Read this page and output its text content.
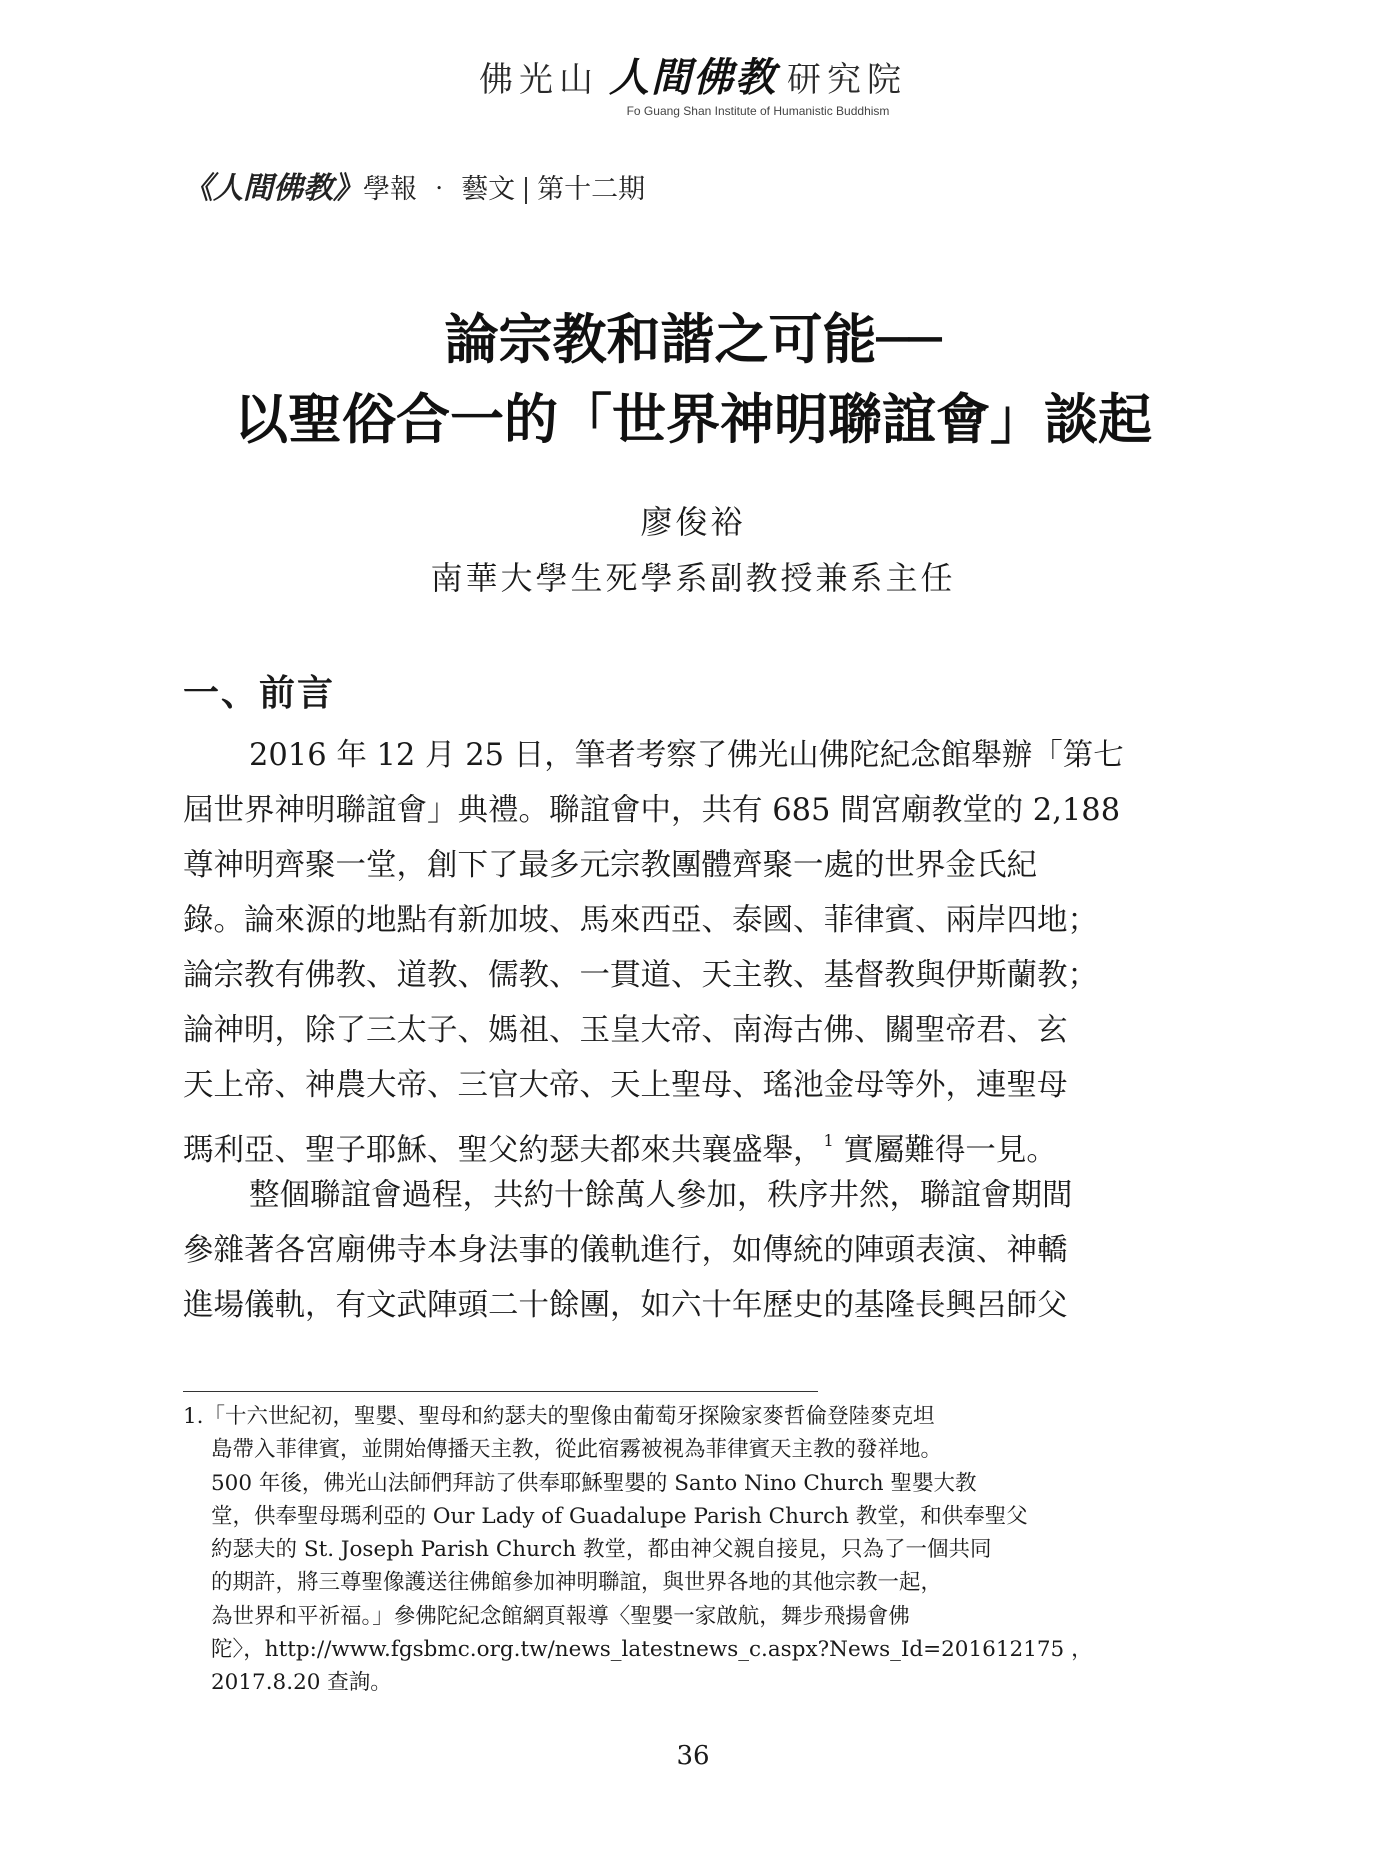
佛光山 人間佛教 研究院
Fo Guang Shan Institute of Humanistic Buddhism
《人間佛教》學報 ‧ 藝文 第十二期
論宗教和諧之可能──
以聖俗合一的「世界神明聯誼會」談起
廖俊裕
南華大學生死學系副教授兼系主任
一、前言
2016 年 12 月 25 日，筆者考察了佛光山佛陀紀念館舉辦「第七
屆世界神明聯誼會」典禮。聯誼會中，共有 685 間宮廟教堂的 2,188
尊神明齊聚一堂，創下了最多元宗教團體齊聚一處的世界金氏紀
錄。論來源的地點有新加坡、馬來西亞、泰國、菲律賓、兩岸四地；
論宗教有佛教、道教、儒教、一貫道、天主教、基督教與伊斯蘭教；
論神明，除了三太子、媽祖、玉皇大帝、南海古佛、關聖帝君、玄
天上帝、神農大帝、三官大帝、天上聖母、瑤池金母等外，連聖母
瑪利亞、聖子耶穌、聖父約瑟夫都來共襄盛舉，$^1$ 實屬難得一見。
整個聯誼會過程，共約十餘萬人參加，秩序井然，聯誼會期間
參雜著各宮廟佛寺本身法事的儀軌進行，如傳統的陣頭表演、神轎
進場儀軌，有文武陣頭二十餘團，如六十年歷史的基隆長興呂師父
1.「十六世紀初，聖嬰、聖母和約瑟夫的聖像由葡萄牙探險家麥哲倫登陸麥克坦
島帶入菲律賓，並開始傳播天主教，從此宿霧被視為菲律賓天主教的發祥地。
500 年後，佛光山法師們拜訪了供奉耶穌聖嬰的 Santo Nino Church 聖嬰大教
堂，供奉聖母瑪利亞的 Our Lady of Guadalupe Parish Church 教堂，和供奉聖父
約瑟夫的 St. Joseph Parish Church 教堂，都由神父親自接見，只為了一個共同
的期許，將三尊聖像護送往佛館參加神明聯誼，與世界各地的其他宗教一起，
為世界和平祈福。」參佛陀紀念館網頁報導〈聖嬰一家啟航，舞步飛揚會佛
陀〉，http://www.fgsbmc.org.tw/news_latestnews_c.aspx?News_Id=201612175 ，
2017.8.20 查詢。
36
